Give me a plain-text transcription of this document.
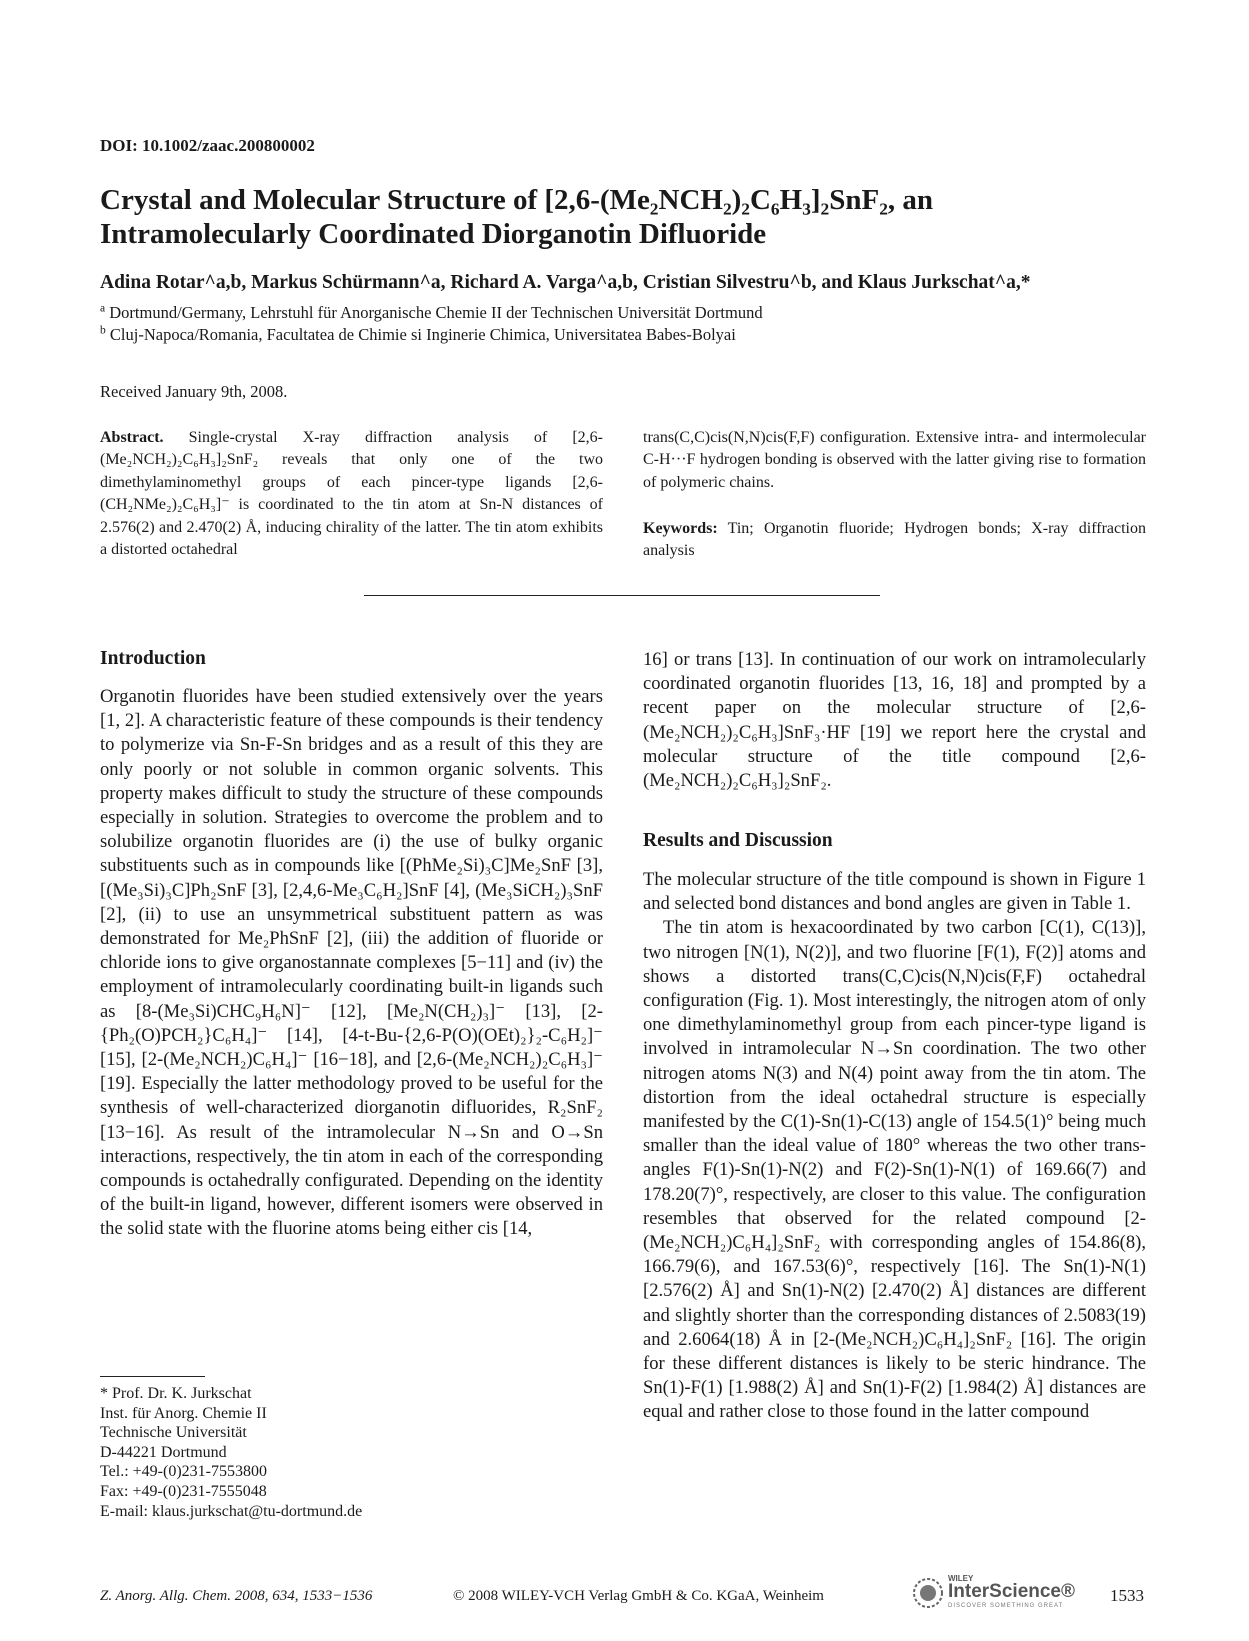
DOI: 10.1002/zaac.200800002
Crystal and Molecular Structure of [2,6-(Me₂NCH₂)₂C₆H₃]₂SnF₂, an
Intramolecularly Coordinated Diorganotin Difluoride
Adina Rotar^a,b, Markus Schürmann^a, Richard A. Varga^a,b, Cristian Silvestru^b, and Klaus Jurkschat^a,*
$^a$ Dortmund/Germany, Lehrstuhl für Anorganische Chemie II der Technischen Universität Dortmund
$^b$ Cluj-Napoca/Romania, Facultatea de Chimie si Inginerie Chimica, Universitatea Babes-Bolyai
Received January 9th, 2008.
Abstract. Single-crystal X-ray diffraction analysis of [2,6-(Me₂NCH₂)₂C₆H₃]₂SnF₂ reveals that only one of the two dimethylaminomethyl groups of each pincer-type ligands [2,6-(CH₂NMe₂)₂C₆H₃]⁻ is coordinated to the tin atom at Sn-N distances of 2.576(2) and 2.470(2) Å, inducing chirality of the latter. The tin atom exhibits a distorted octahedral
trans(C,C)cis(N,N)cis(F,F) configuration. Extensive intra- and intermolecular C-H···F hydrogen bonding is observed with the latter giving rise to formation of polymeric chains.
Keywords: Tin; Organotin fluoride; Hydrogen bonds; X-ray diffraction analysis
Introduction
Organotin fluorides have been studied extensively over the years [1, 2]. A characteristic feature of these compounds is their tendency to polymerize via Sn-F-Sn bridges and as a result of this they are only poorly or not soluble in common organic solvents. This property makes difficult to study the structure of these compounds especially in solution. Strategies to overcome the problem and to solubilize organotin fluorides are (i) the use of bulky organic substituents such as in compounds like [(PhMe₂Si)₃C]Me₂SnF [3], [(Me₃Si)₃C]Ph₂SnF [3], [2,4,6-Me₃C₆H₂]SnF [4], (Me₃SiCH₂)₃SnF [2], (ii) to use an unsymmetrical substituent pattern as was demonstrated for Me₂PhSnF [2], (iii) the addition of fluoride or chloride ions to give organostannate complexes [5−11] and (iv) the employment of intramolecularly coordinating built-in ligands such as [8-(Me₃Si)CHC₉H₆N]⁻ [12], [Me₂N(CH₂)₃]⁻ [13], [2-{Ph₂(O)PCH₂}C₆H₄]⁻ [14], [4-t-Bu-{2,6-P(O)(OEt)₂}₂-C₆H₂]⁻ [15], [2-(Me₂NCH₂)C₆H₄]⁻ [16−18], and [2,6-(Me₂NCH₂)₂C₆H₃]⁻ [19]. Especially the latter methodology proved to be useful for the synthesis of well-characterized diorganotin difluorides, R₂SnF₂ [13−16]. As result of the intramolecular N→Sn and O→Sn interactions, respectively, the tin atom in each of the corresponding compounds is octahedrally configurated. Depending on the identity of the built-in ligand, however, different isomers were observed in the solid state with the fluorine atoms being either cis [14,
16] or trans [13]. In continuation of our work on intramolecularly coordinated organotin fluorides [13, 16, 18] and prompted by a recent paper on the molecular structure of [2,6-(Me₂NCH₂)₂C₆H₃]SnF₃·HF [19] we report here the crystal and molecular structure of the title compound [2,6-(Me₂NCH₂)₂C₆H₃]₂SnF₂.
Results and Discussion

The molecular structure of the title compound is shown in Figure 1 and selected bond distances and bond angles are given in Table 1.

The tin atom is hexacoordinated by two carbon [C(1), C(13)], two nitrogen [N(1), N(2)], and two fluorine [F(1), F(2)] atoms and shows a distorted trans(C,C)cis(N,N)cis(F,F) octahedral configuration (Fig. 1). Most interestingly, the nitrogen atom of only one dimethylaminomethyl group from each pincer-type ligand is involved in intramolecular N→Sn coordination. The two other nitrogen atoms N(3) and N(4) point away from the tin atom. The distortion from the ideal octahedral structure is especially manifested by the C(1)-Sn(1)-C(13) angle of 154.5(1)° being much smaller than the ideal value of 180° whereas the two other trans-angles F(1)-Sn(1)-N(2) and F(2)-Sn(1)-N(1) of 169.66(7) and 178.20(7)°, respectively, are closer to this value. The configuration resembles that observed for the related compound [2-(Me₂NCH₂)C₆H₄]₂SnF₂ with corresponding angles of 154.86(8), 166.79(6), and 167.53(6)°, respectively [16]. The Sn(1)-N(1) [2.576(2) Å] and Sn(1)-N(2) [2.470(2) Å] distances are different and slightly shorter than the corresponding distances of 2.5083(19) and 2.6064(18) Å in [2-(Me₂NCH₂)C₆H₄]₂SnF₂ [16]. The origin for these different distances is likely to be steric hindrance. The Sn(1)-F(1) [1.988(2) Å] and Sn(1)-F(2) [1.984(2) Å] distances are equal and rather close to those found in the latter compound

* Prof. Dr. K. Jurkschat
Inst. für Anorg. Chemie II
Technische Universität
D-44221 Dortmund
Tel.: +49-(0)231-7553800
Fax: +49-(0)231-7555048
E-mail: klaus.jurkschat@tu-dortmund.de
Z. Anorg. Allg. Chem. 2008, 634, 1533−1536	© 2008 WILEY-VCH Verlag GmbH & Co. KGaA, Weinheim
WILEY
InterScience®
DISCOVER SOMETHING GREAT
1533
